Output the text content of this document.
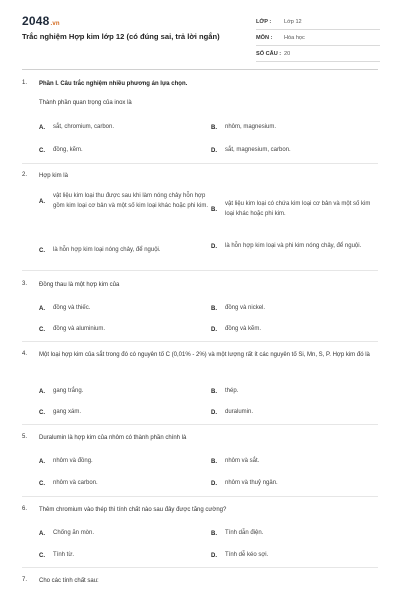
2048.vn
Trắc nghiệm Hợp kim lớp 12 (có đúng sai, trả lời ngắn)
LỚP :	Lớp 12
MÔN :	Hóa học
SỐ CÂU : 20
1. Phần I. Câu trắc nghiệm nhiều phương án lựa chọn.
Thành phần quan trọng của inox là
A.	sắt, chromium, carbon.	B.	nhôm, magnesium.
C.	đồng, kẽm.	D.	sắt, magnesium, carbon.
2. Hợp kim là
A.
vật liệu kim loại thu được sau khi làm nóng chảy hỗn hợp gồm kim loại cơ bản và một số kim loại khác hoặc phi kim.
B.
vật liệu kim loại có chứa kim loại cơ bản và một số kim loại khác hoặc phi kim.
C.	là hỗn hợp kim loại nóng chảy, để nguội.
D.	là hỗn hợp kim loại và phi kim nóng chảy, để nguội.
3. Đồng thau là một hợp kim của
A.	đồng và thiếc.	B.	đồng và nickel.
C.	đồng và aluminium.	D.	đồng và kẽm.
4. Một loại hợp kim của sắt trong đó có nguyên tố C (0,01% - 2%) và một lượng rất ít các nguyên tố Si, Mn, S, P. Hợp kim đó là
A.	gang trắng.	B.	thép.
C.	gang xám.	D.	duralumin.
5. Duralumin là hợp kim của nhôm có thành phần chính là
A.	nhôm và đồng.	B.	nhôm và sắt.
C.	nhôm và carbon.	D.	nhôm và thuỷ ngân.
6. Thêm chromium vào thép thì tính chất nào sau đây được tăng cường?
A.	Chống ăn mòn.	B.	Tính dẫn điện.
C.	Tính từ.	D.	Tính dễ kéo sợi.
7. Cho các tính chất sau:
